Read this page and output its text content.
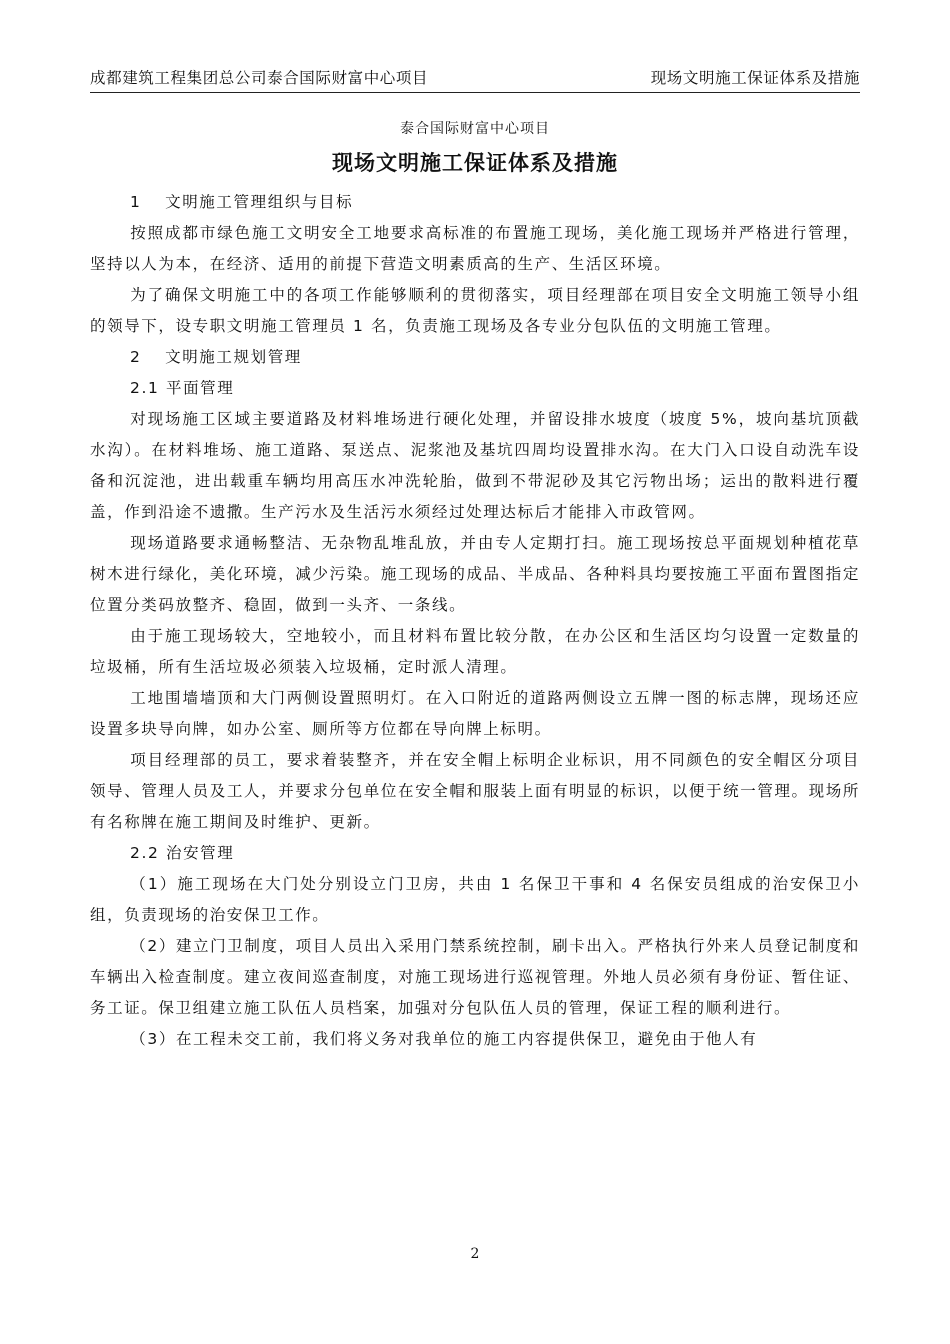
成都建筑工程集团总公司泰合国际财富中心项目	现场文明施工保证体系及措施
泰合国际财富中心项目
现场文明施工保证体系及措施

1　 文明施工管理组织与目标

按照成都市绿色施工文明安全工地要求高标准的布置施工现场，美化施工现场并严格进行管理，坚持以人为本，在经济、适用的前提下营造文明素质高的生产、生活区环境。

为了确保文明施工中的各项工作能够顺利的贯彻落实，项目经理部在项目安全文明施工领导小组的领导下，设专职文明施工管理员 1 名，负责施工现场及各专业分包队伍的文明施工管理。

2　 文明施工规划管理

2.1 平面管理

对现场施工区域主要道路及材料堆场进行硬化处理，并留设排水坡度（坡度 5%，坡向基坑顶截水沟）。在材料堆场、施工道路、泵送点、泥浆池及基坑四周均设置排水沟。在大门入口设自动洗车设备和沉淀池，进出载重车辆均用高压水冲洗轮胎，做到不带泥砂及其它污物出场；运出的散料进行覆盖，作到沿途不遗撒。生产污水及生活污水须经过处理达标后才能排入市政管网。

现场道路要求通畅整洁、无杂物乱堆乱放，并由专人定期打扫。施工现场按总平面规划种植花草树木进行绿化，美化环境，减少污染。施工现场的成品、半成品、各种料具均要按施工平面布置图指定位置分类码放整齐、稳固，做到一头齐、一条线。

由于施工现场较大，空地较小，而且材料布置比较分散，在办公区和生活区均匀设置一定数量的垃圾桶，所有生活垃圾必须装入垃圾桶，定时派人清理。

工地围墙墙顶和大门两侧设置照明灯。在入口附近的道路两侧设立五牌一图的标志牌，现场还应设置多块导向牌，如办公室、厕所等方位都在导向牌上标明。

项目经理部的员工，要求着装整齐，并在安全帽上标明企业标识，用不同颜色的安全帽区分项目领导、管理人员及工人，并要求分包单位在安全帽和服装上面有明显的标识，以便于统一管理。现场所有名称牌在施工期间及时维护、更新。

2.2 治安管理

（1）施工现场在大门处分别设立门卫房，共由 1 名保卫干事和 4 名保安员组成的治安保卫小组，负责现场的治安保卫工作。

（2）建立门卫制度，项目人员出入采用门禁系统控制，刷卡出入。严格执行外来人员登记制度和车辆出入检查制度。建立夜间巡查制度，对施工现场进行巡视管理。外地人员必须有身份证、暂住证、务工证。保卫组建立施工队伍人员档案，加强对分包队伍人员的管理，保证工程的顺利进行。

（3）在工程未交工前，我们将义务对我单位的施工内容提供保卫，避免由于他人有

2
